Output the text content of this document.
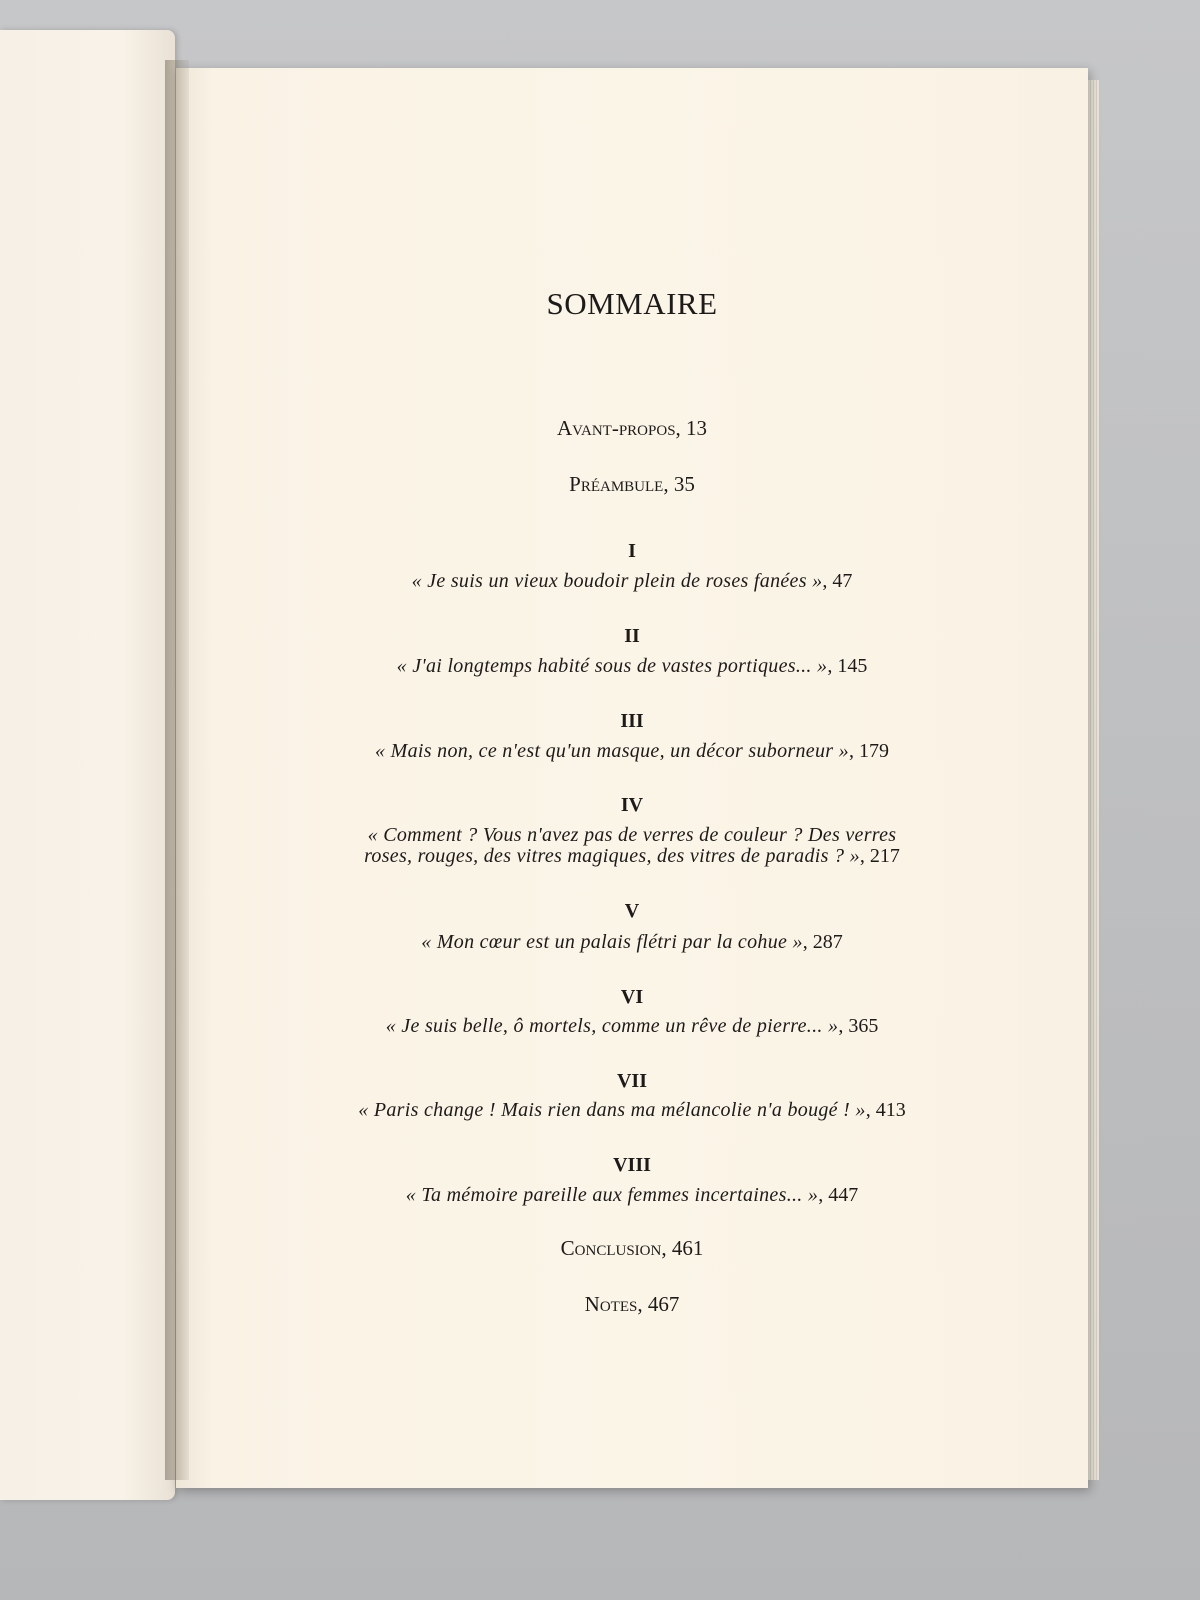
SOMMAIRE
Avant-propos, 13
Préambule, 35
I
« Je suis un vieux boudoir plein de roses fanées », 47
II
« J'ai longtemps habité sous de vastes portiques... », 145
III
« Mais non, ce n'est qu'un masque, un décor suborneur », 179
IV
« Comment ? Vous n'avez pas de verres de couleur ? Des verres
roses, rouges, des vitres magiques, des vitres de paradis ? », 217
V
« Mon cœur est un palais flétri par la cohue », 287
VI
« Je suis belle, ô mortels, comme un rêve de pierre... », 365
VII
« Paris change ! Mais rien dans ma mélancolie n'a bougé ! », 413
VIII
« Ta mémoire pareille aux femmes incertaines... », 447
Conclusion, 461
Notes, 467
